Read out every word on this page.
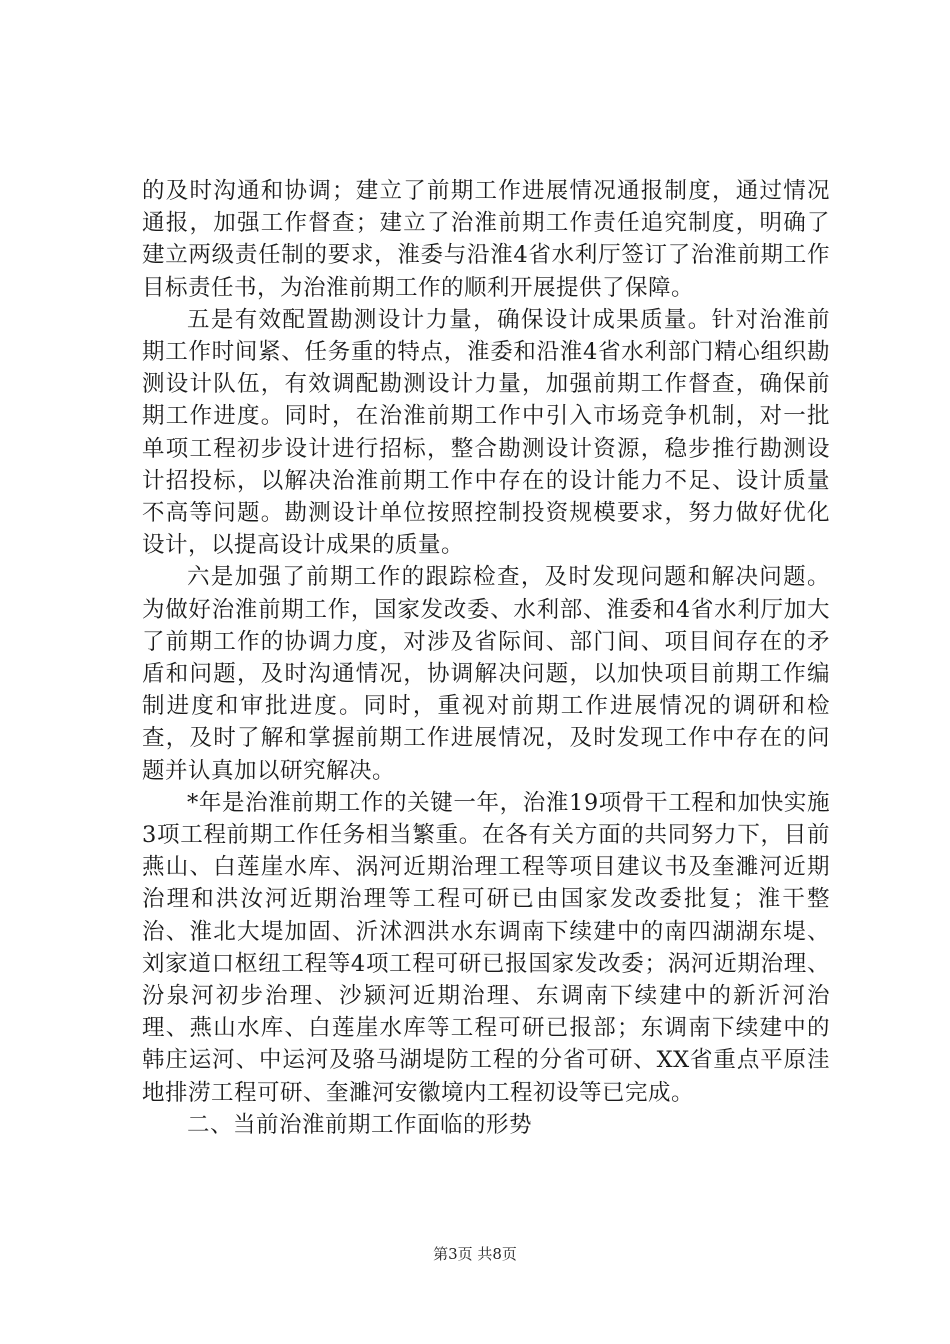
的及时沟通和协调；建立了前期工作进展情况通报制度，通过情况通报，加强工作督查；建立了治淮前期工作责任追究制度，明确了建立两级责任制的要求，淮委与沿淮4省水利厅签订了治淮前期工作目标责任书，为治淮前期工作的顺利开展提供了保障。

五是有效配置勘测设计力量，确保设计成果质量。针对治淮前期工作时间紧、任务重的特点，淮委和沿淮4省水利部门精心组织勘测设计队伍，有效调配勘测设计力量，加强前期工作督查，确保前期工作进度。同时，在治淮前期工作中引入市场竞争机制，对一批单项工程初步设计进行招标，整合勘测设计资源，稳步推行勘测设计招投标，以解决治淮前期工作中存在的设计能力不足、设计质量不高等问题。勘测设计单位按照控制投资规模要求，努力做好优化设计，以提高设计成果的质量。

六是加强了前期工作的跟踪检查，及时发现问题和解决问题。为做好治淮前期工作，国家发改委、水利部、淮委和4省水利厅加大了前期工作的协调力度，对涉及省际间、部门间、项目间存在的矛盾和问题，及时沟通情况，协调解决问题，以加快项目前期工作编制进度和审批进度。同时，重视对前期工作进展情况的调研和检查，及时了解和掌握前期工作进展情况，及时发现工作中存在的问题并认真加以研究解决。

*年是治淮前期工作的关键一年，治淮19项骨干工程和加快实施3项工程前期工作任务相当繁重。在各有关方面的共同努力下，目前燕山、白莲崖水库、涡河近期治理工程等项目建议书及奎濉河近期治理和洪汝河近期治理等工程可研已由国家发改委批复；淮干整治、淮北大堤加固、沂沭泗洪水东调南下续建中的南四湖湖东堤、刘家道口枢纽工程等4项工程可研已报国家发改委；涡河近期治理、汾泉河初步治理、沙颍河近期治理、东调南下续建中的新沂河治理、燕山水库、白莲崖水库等工程可研已报部；东调南下续建中的韩庄运河、中运河及骆马湖堤防工程的分省可研、XX省重点平原洼地排涝工程可研、奎濉河安徽境内工程初设等已完成。

二、当前治淮前期工作面临的形势

第3页 共8页
